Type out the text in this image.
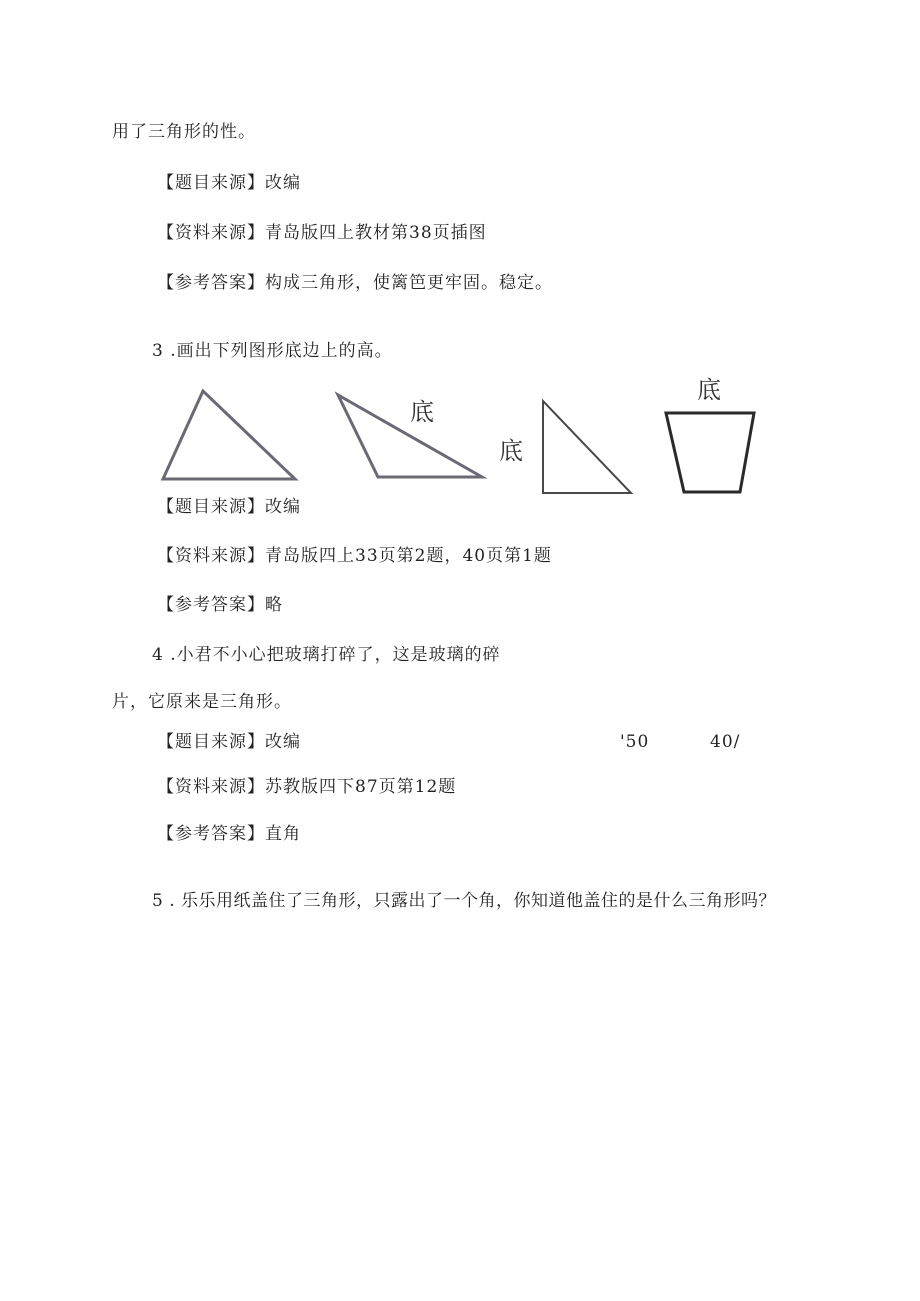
用了三角形的性。
【题目来源】改编
【资料来源】青岛版四上教材第38页插图
【参考答案】构成三角形，使篱笆更牢固。稳定。
3 .画出下列图形底边上的高。
底
底
底
【题目来源】改编
【资料来源】青岛版四上33页第2题，40页第1题
【参考答案】略
4 .小君不小心把玻璃打碎了，这是玻璃的碎
片，它原来是三角形。
【题目来源】改编	'50	40/
【资料来源】苏教版四下87页第12题
【参考答案】直角
5 . 乐乐用纸盖住了三角形，只露出了一个角，你知道他盖住的是什么三角形吗？
